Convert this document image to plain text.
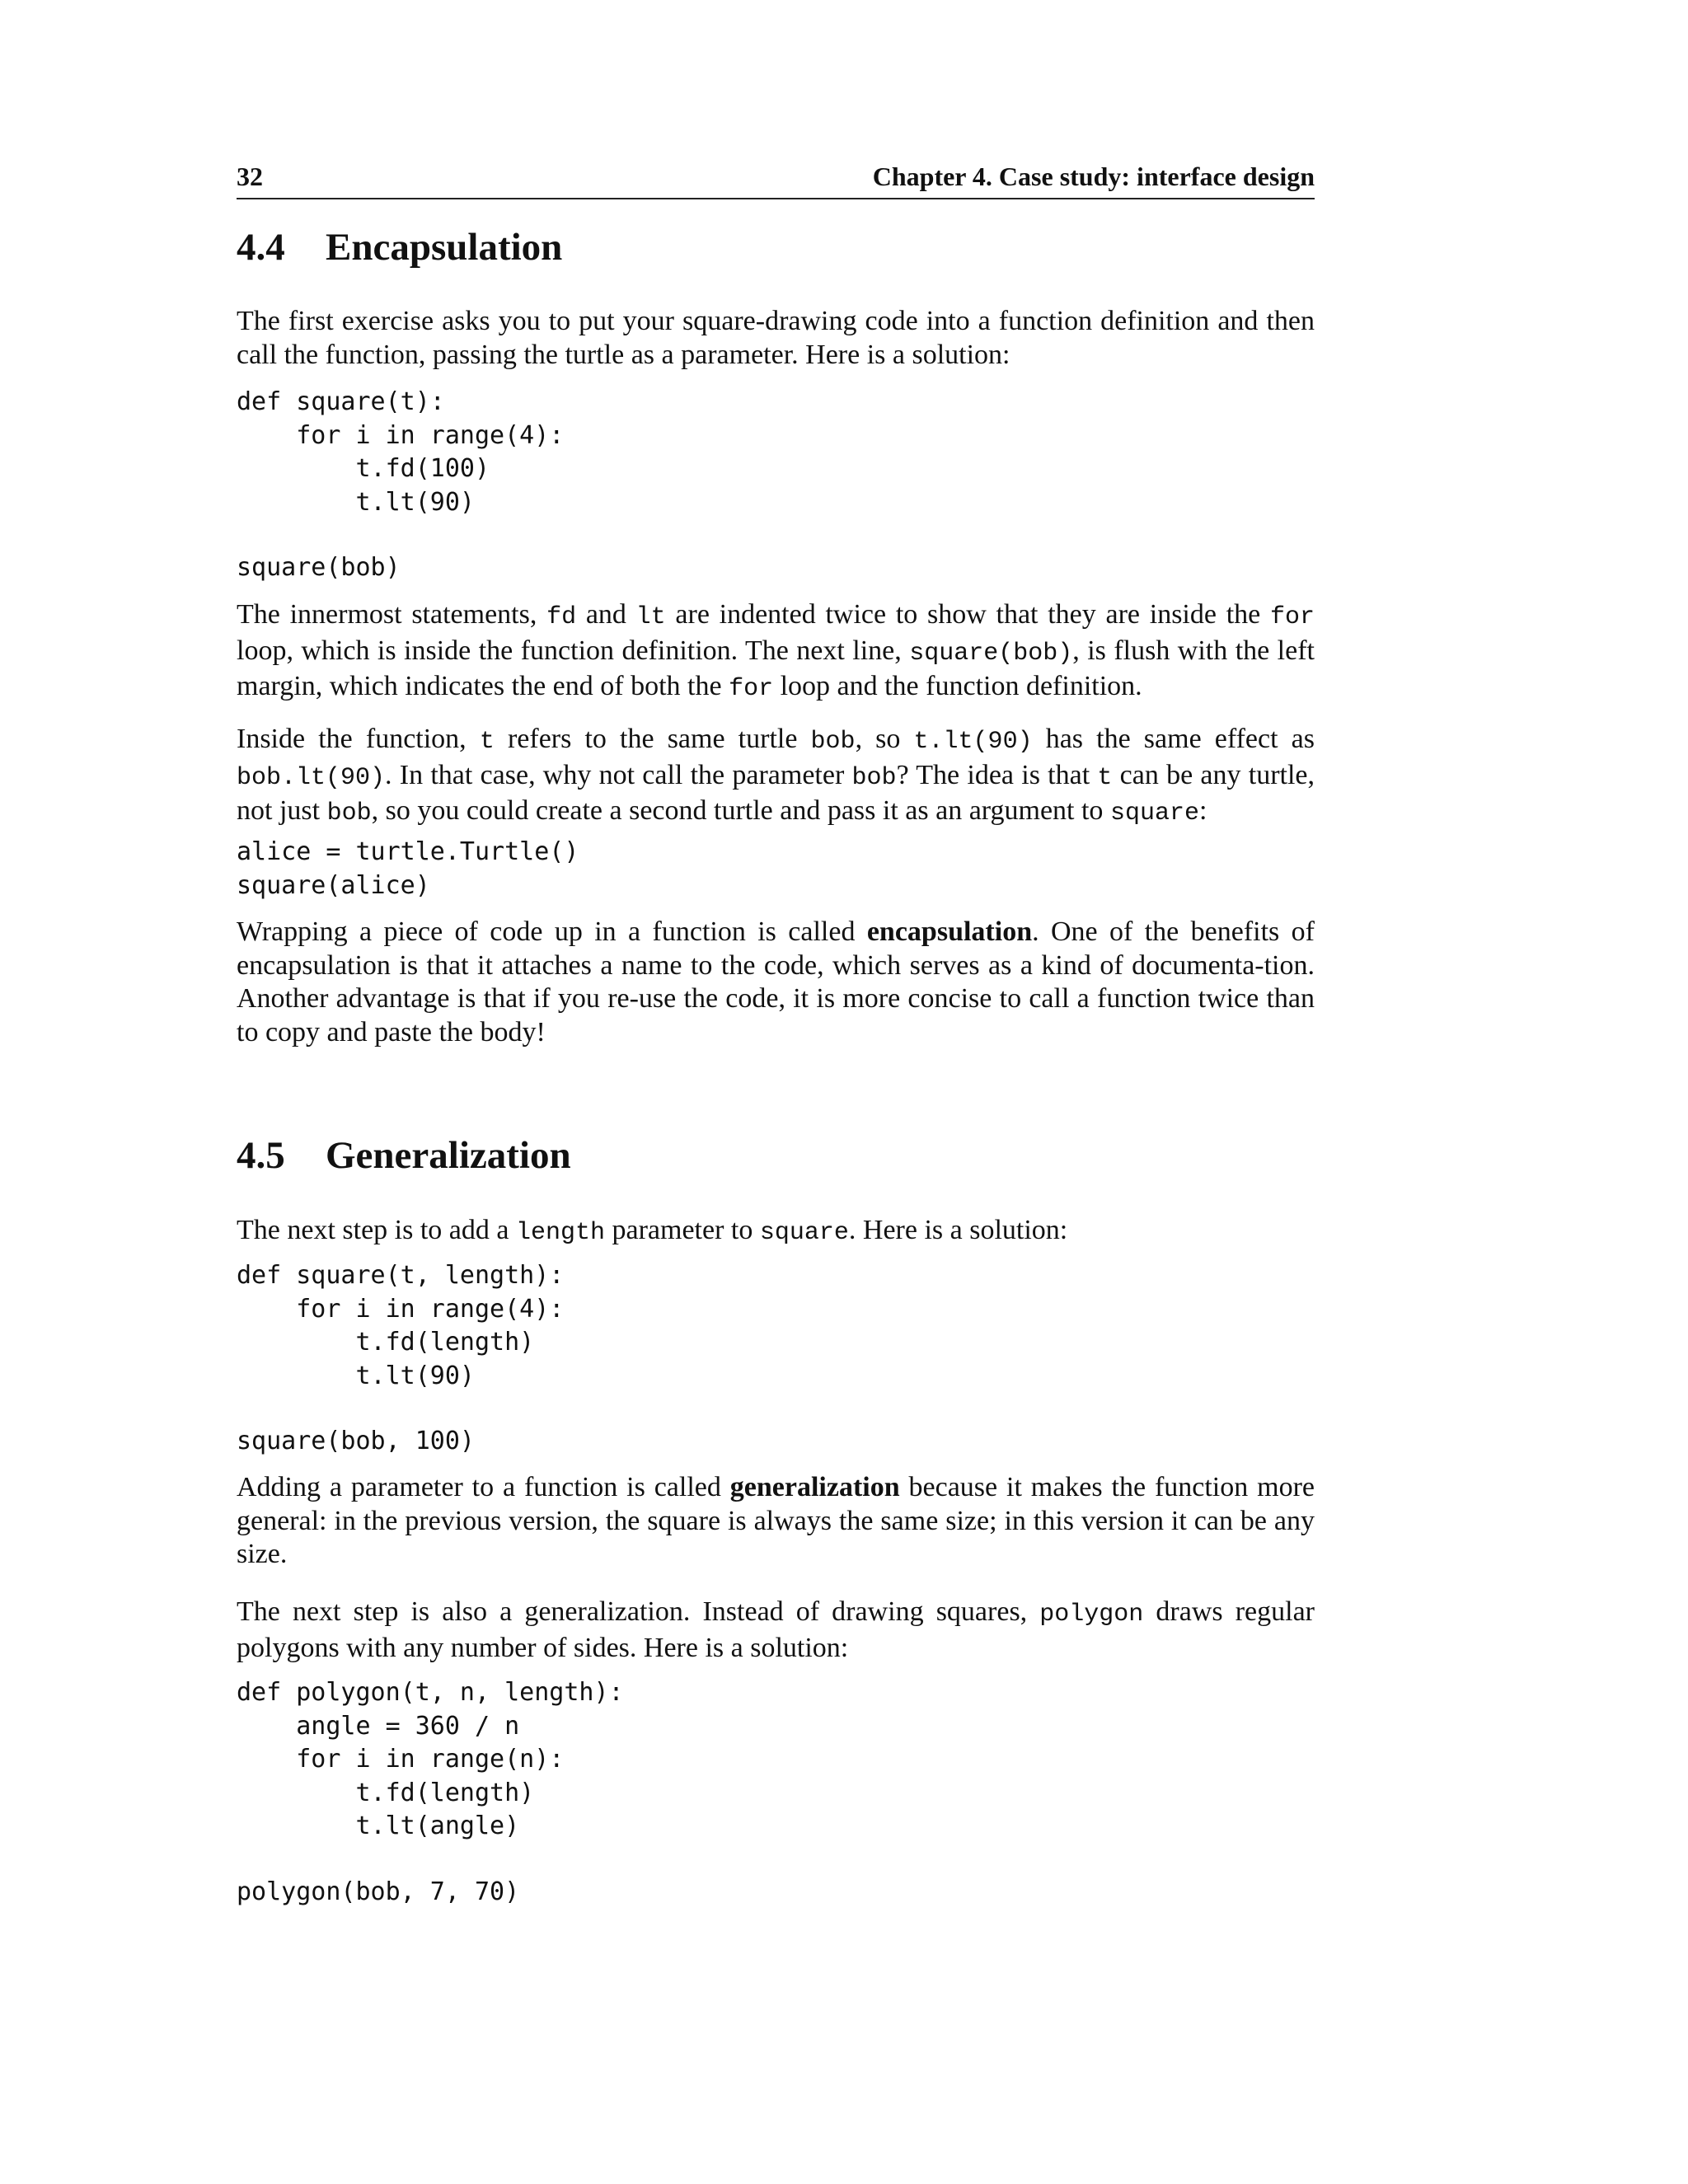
32	Chapter 4. Case study: interface design
4.4 Encapsulation

The first exercise asks you to put your square-drawing code into a function definition and then call the function, passing the turtle as a parameter. Here is a solution:

def square(t):
for i in range(4):
t.fd(100)
t.lt(90)
square(bob)

The innermost statements, fd and lt are indented twice to show that they are inside the for loop, which is inside the function definition. The next line, square(bob), is flush with the left margin, which indicates the end of both the for loop and the function definition.

Inside the function, t refers to the same turtle bob, so t.lt(90) has the same effect as bob.lt(90). In that case, why not call the parameter bob? The idea is that t can be any turtle, not just bob, so you could create a second turtle and pass it as an argument to square:

alice = turtle.Turtle()
square(alice)

Wrapping a piece of code up in a function is called encapsulation. One of the benefits of encapsulation is that it attaches a name to the code, which serves as a kind of documenta-tion. Another advantage is that if you re-use the code, it is more concise to call a function twice than to copy and paste the body!

4.5 Generalization

The next step is to add a length parameter to square. Here is a solution:

def square(t, length):
for i in range(4):
t.fd(length)
t.lt(90)
square(bob, 100)

Adding a parameter to a function is called generalization because it makes the function more general: in the previous version, the square is always the same size; in this version it can be any size.

The next step is also a generalization. Instead of drawing squares, polygon draws regular polygons with any number of sides. Here is a solution:

def polygon(t, n, length):
angle = 360 / n
for i in range(n):
t.fd(length)
t.lt(angle)
polygon(bob, 7, 70)
